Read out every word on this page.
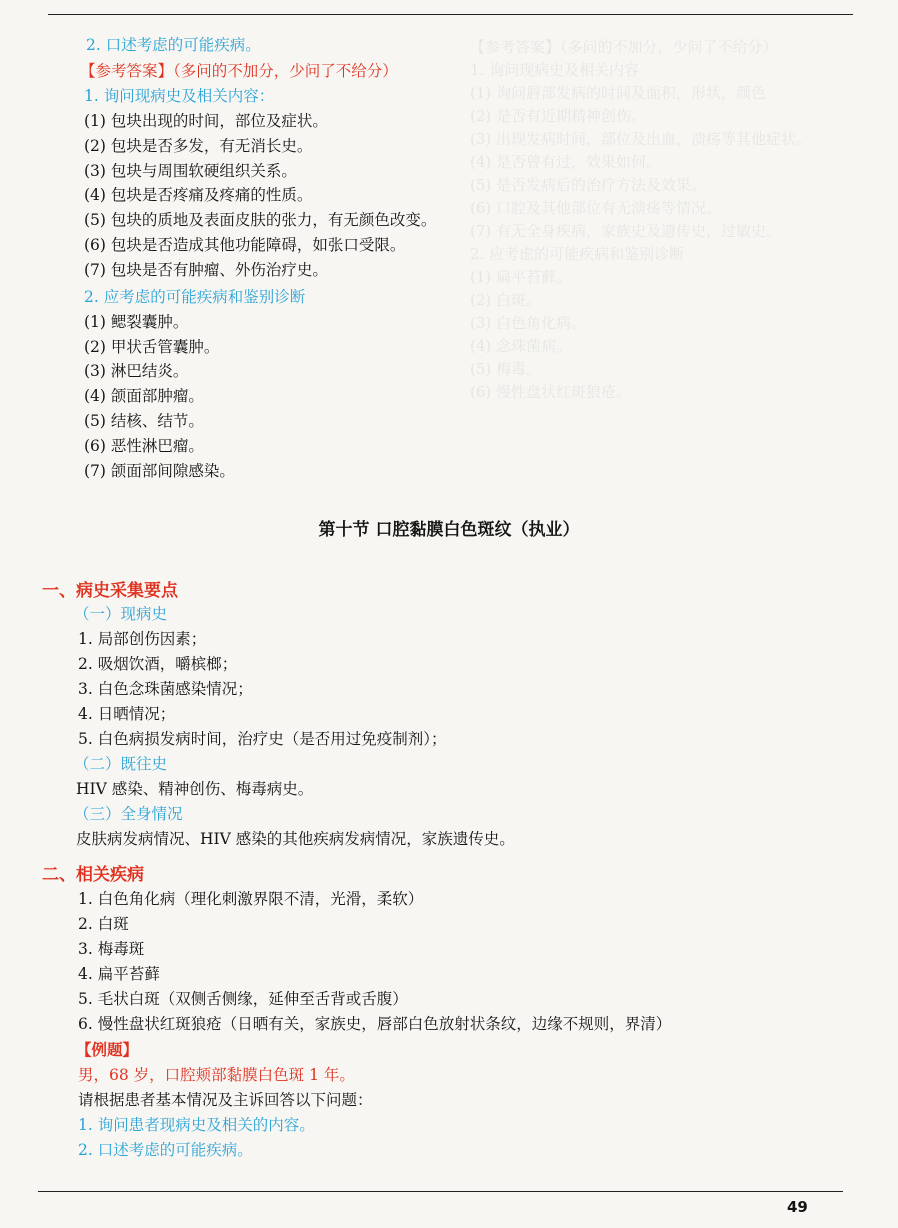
【参考答案】（多问的不加分，少问了不给分）
1. 询问现病史及相关内容
(1) 询问唇部发病的时间及面积，形状，颜色
(2) 是否有近期精神创伤。
(3) 出现发病时间，部位及出血，溃疡等其他症状。
(4) 是否曾有过，效果如何。
(5) 是否发病后的治疗方法及效果。
(6) 口腔及其他部位有无溃疡等情况。
(7) 有无全身疾病，家族史及遗传史，过敏史。
2. 应考虑的可能疾病和鉴别诊断
(1) 扁平苔藓。
(2) 白斑。
(3) 白色角化病。
(4) 念珠菌病。
(5) 梅毒。
(6) 慢性盘状红斑狼疮。
2. 口述考虑的可能疾病。
【参考答案】（多问的不加分，少问了不给分）
1. 询问现病史及相关内容：
(1) 包块出现的时间，部位及症状。
(2) 包块是否多发，有无消长史。
(3) 包块与周围软硬组织关系。
(4) 包块是否疼痛及疼痛的性质。
(5) 包块的质地及表面皮肤的张力，有无颜色改变。
(6) 包块是否造成其他功能障碍，如张口受限。
(7) 包块是否有肿瘤、外伤治疗史。
2. 应考虑的可能疾病和鉴别诊断
(1) 鳃裂囊肿。
(2) 甲状舌管囊肿。
(3) 淋巴结炎。
(4) 颌面部肿瘤。
(5) 结核、结节。
(6) 恶性淋巴瘤。
(7) 颌面部间隙感染。
第十节 口腔黏膜白色斑纹（执业）
一、病史采集要点
（一）现病史
1. 局部创伤因素；
2. 吸烟饮酒，嚼槟榔；
3. 白色念珠菌感染情况；
4. 日晒情况；
5. 白色病损发病时间，治疗史（是否用过免疫制剂）；
（二）既往史
HIV 感染、精神创伤、梅毒病史。
（三）全身情况
皮肤病发病情况、HIV 感染的其他疾病发病情况，家族遗传史。
二、相关疾病
1. 白色角化病（理化刺激界限不清，光滑，柔软）
2. 白斑
3. 梅毒斑
4. 扁平苔藓
5. 毛状白斑（双侧舌侧缘，延伸至舌背或舌腹）
6. 慢性盘状红斑狼疮（日晒有关，家族史，唇部白色放射状条纹，边缘不规则，界清）
【例题】
男，68 岁，口腔颊部黏膜白色斑 1 年。
请根据患者基本情况及主诉回答以下问题：
1. 询问患者现病史及相关的内容。
2. 口述考虑的可能疾病。
49
